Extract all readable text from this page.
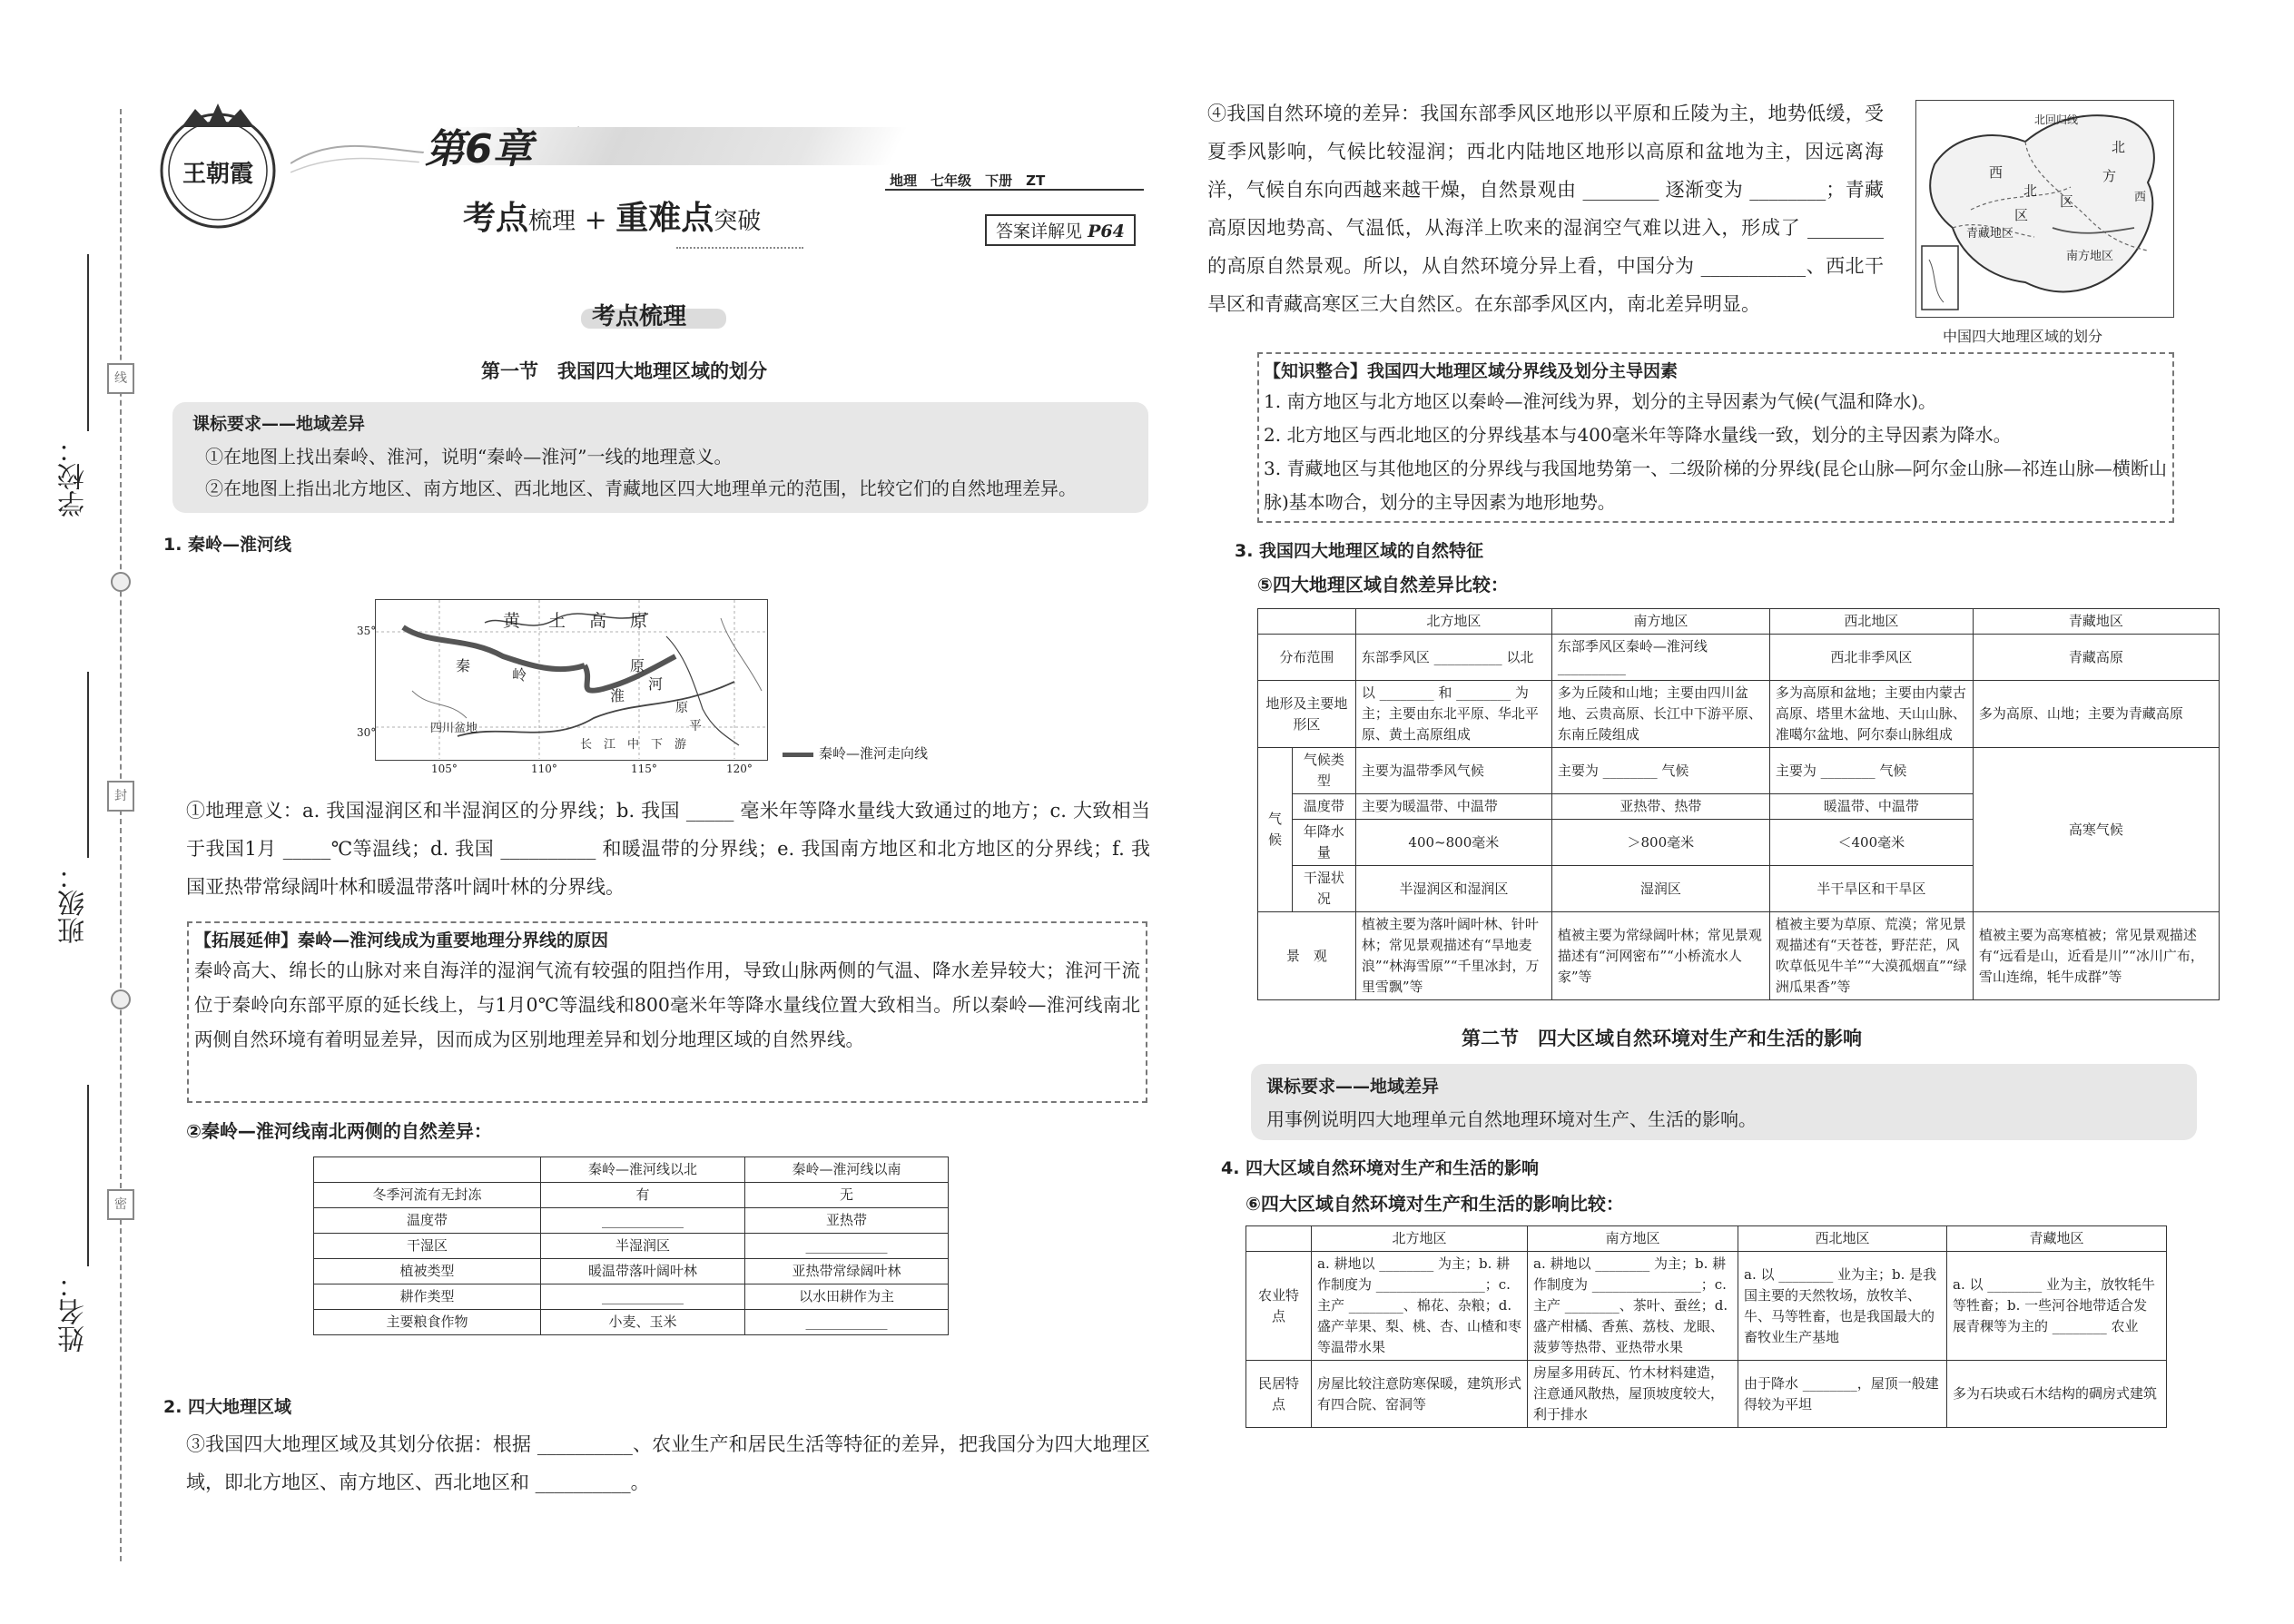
学校：
班级：
姓名：
线
封
密
王朝霞
第6章
考点梳理 + 重难点突破
地理　 七年级　 下册　 ZT
答案详解见 P64
考点梳理
第一节　我国四大地理区域的划分
课标要求——地域差异
①在地图上找出秦岭、淮河，说明“秦岭—淮河”一线的地理意义。
②在地图上指出北方地区、南方地区、西北地区、青藏地区四大地理单元的范围，比较它们的自然地理差异。
1. 秦岭—淮河线
黄 土 高 原
秦
岭
淮
河
原
四川盆地
长　江　中　下　游
平
原
35°
30°
105°	110°	115°	120°
秦岭—淮河走向线
①地理意义：a. 我国湿润区和半湿润区的分界线；b. 我国 _____ 毫米年等降水量线大致通过的地方；c. 大致相当于我国1月 _____℃等温线；d. 我国 __________ 和暖温带的分界线；e. 我国南方地区和北方地区的分界线；f. 我国亚热带常绿阔叶林和暖温带落叶阔叶林的分界线。
【拓展延伸】秦岭—淮河线成为重要地理分界线的原因
秦岭高大、绵长的山脉对来自海洋的湿润气流有较强的阻挡作用，导致山脉两侧的气温、降水差异较大；淮河干流位于秦岭向东部平原的延长线上，与1月0℃等温线和800毫米年等降水量线位置大致相当。所以秦岭—淮河线南北两侧自然环境有着明显差异，因而成为区别地理差异和划分地理区域的自然界线。
②秦岭—淮河线南北两侧的自然差异：
	秦岭—淮河线以北	秦岭—淮河线以南
冬季河流有无封冻	有	无
温度带	____________	亚热带
干湿区	半湿润区	____________
植被类型	暖温带落叶阔叶林	亚热带常绿阔叶林
耕作类型	____________	以水田耕作为主
主要粮食作物	小麦、玉米	____________
2. 四大地理区域
③我国四大地理区域及其划分依据：根据 __________、农业生产和居民生活等特征的差异，把我国分为四大地理区域，即北方地区、南方地区、西北地区和 __________。
④我国自然环境的差异：我国东部季风区地形以平原和丘陵为主，地势低缓，受夏季风影响，气候比较湿润；西北内陆地区地形以高原和盆地为主，因远离海洋，气候自东向西越来越干燥，自然景观由 ________ 逐渐变为 ________；青藏高原因地势高、气温低，从海洋上吹来的湿润空气难以进入，形成了 ________ 的高原自然景观。所以，从自然环境分异上看，中国分为 ___________、西北干旱区和青藏高寒区三大自然区。在东部季风区内，南北差异明显。
北回归线
西
北
区
北
方
区
青藏地区
南方地区
西
中国四大地理区域的划分
【知识整合】我国四大地理区域分界线及划分主导因素
1. 南方地区与北方地区以秦岭—淮河线为界，划分的主导因素为气候(气温和降水)。
2. 北方地区与西北地区的分界线基本与400毫米年等降水量线一致，划分的主导因素为降水。
3. 青藏地区与其他地区的分界线与我国地势第一、二级阶梯的分界线(昆仑山脉—阿尔金山脉—祁连山脉—横断山脉)基本吻合，划分的主导因素为地形地势。
3. 我国四大地理区域的自然特征
⑤四大地理区域自然差异比较：
		北方地区	南方地区	西北地区	青藏地区
分布范围		东部季风区 __________ 以北	东部季风区秦岭—淮河线 __________	西北非季风区	青藏高原
地形及主要地形区		以 ________ 和 ________ 为主；主要由东北平原、华北平原、黄土高原组成	多为丘陵和山地；主要由四川盆地、云贵高原、长江中下游平原、东南丘陵组成	多为高原和盆地；主要由内蒙古高原、塔里木盆地、天山山脉、准噶尔盆地、阿尔泰山脉组成	多为高原、山地；主要为青藏高原
气候	气候类型	主要为温带季风气候	主要为 ________ 气候	主要为 ________ 气候	高寒气候
	温度带	主要为暖温带、中温带	亚热带、热带	暖温带、中温带	
	年降水量	400~800毫米	＞800毫米	＜400毫米	
	干湿状况	半湿润区和湿润区	湿润区	半干旱区和干旱区	
景　观		植被主要为落叶阔叶林、针叶林；常见景观描述有“旱地麦浪”“林海雪原”“千里冰封，万里雪飘”等	植被主要为常绿阔叶林；常见景观描述有“河网密布”“小桥流水人家”等	植被主要为草原、荒漠；常见景观描述有“天苍苍，野茫茫，风吹草低见牛羊”“大漠孤烟直”“绿洲瓜果香”等	植被主要为高寒植被；常见景观描述有“远看是山，近看是川”“冰川广布，雪山连绵，牦牛成群”等
第二节　四大区域自然环境对生产和生活的影响
课标要求——地域差异
用事例说明四大地理单元自然地理环境对生产、生活的影响。
4. 四大区域自然环境对生产和生活的影响
⑥四大区域自然环境对生产和生活的影响比较：
	北方地区	南方地区	西北地区	青藏地区
农业特点	a. 耕地以 ________ 为主；b. 耕作制度为 ________________；c. 主产 ________、棉花、杂粮；d. 盛产苹果、梨、桃、杏、山楂和枣等温带水果	a. 耕地以 ________ 为主；b. 耕作制度为 ________________；c. 主产 ________、茶叶、蚕丝；d. 盛产柑橘、香蕉、荔枝、龙眼、菠萝等热带、亚热带水果	a. 以 ________ 业为主；b. 是我国主要的天然牧场，放牧羊、牛、马等牲畜，也是我国最大的畜牧业生产基地	a. 以 ________ 业为主，放牧牦牛等牲畜；b. 一些河谷地带适合发展青稞等为主的 ________ 农业
民居特点	房屋比较注意防寒保暖，建筑形式有四合院、窑洞等	房屋多用砖瓦、竹木材料建造，注意通风散热，屋顶坡度较大，利于排水	由于降水 ________，屋顶一般建得较为平坦	多为石块或石木结构的碉房式建筑
